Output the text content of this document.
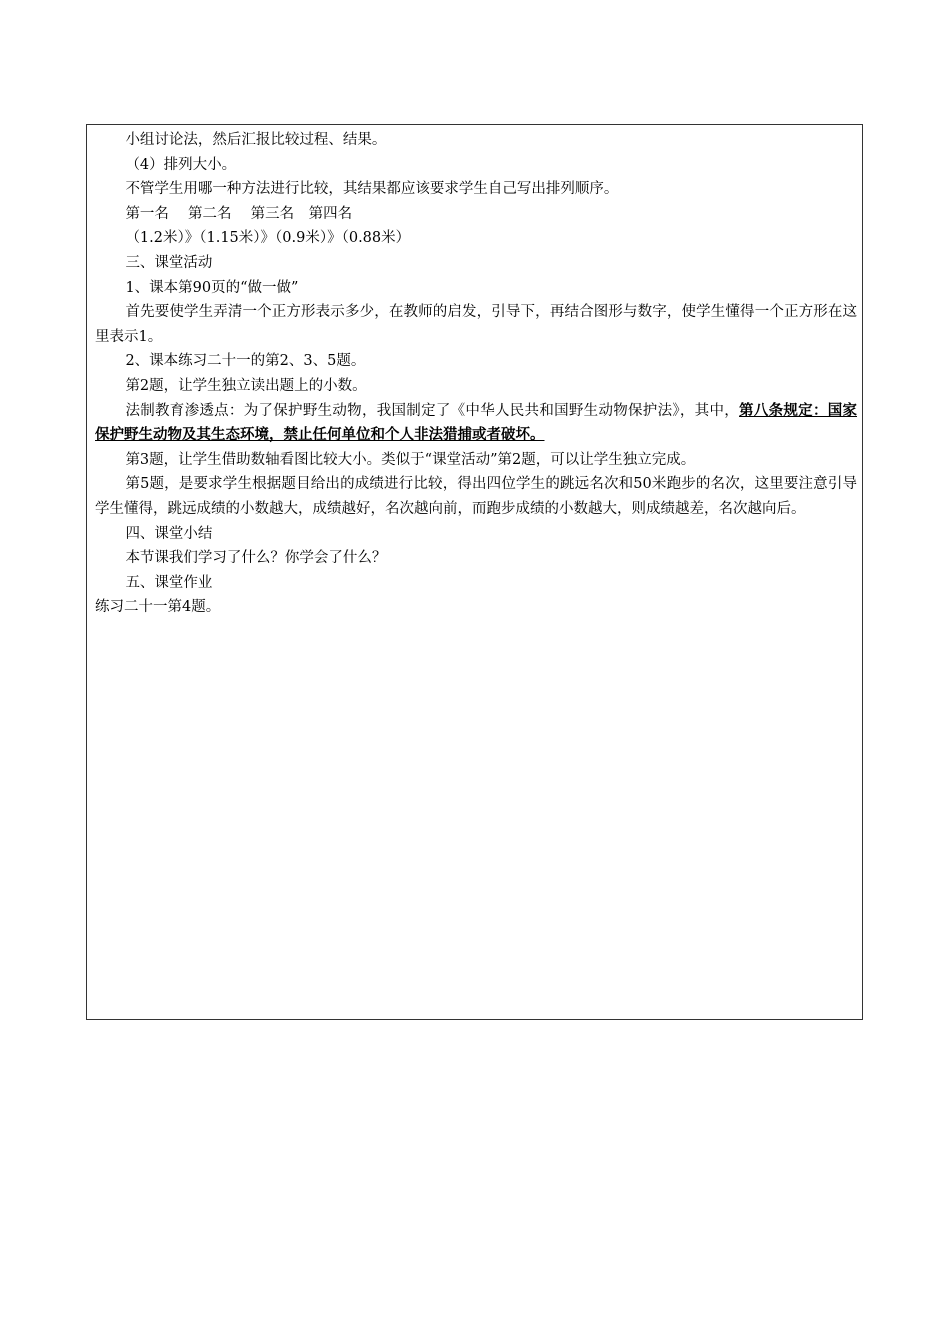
小组讨论法，然后汇报比较过程、结果。

（4）排列大小。

不管学生用哪一种方法进行比较，其结果都应该要求学生自己写出排列顺序。

第一名　 第二名　 第三名　第四名

（1.2米）》（1.15米）》（0.9米）》（0.88米）

三、课堂活动

1、课本第90页的“做一做”

首先要使学生弄清一个正方形表示多少，在教师的启发，引导下，再结合图形与数字，使学生懂得一个正方形在这里表示1。

2、课本练习二十一的第2、3、5题。

第2题，让学生独立读出题上的小数。

法制教育渗透点：为了保护野生动物，我国制定了《中华人民共和国野生动物保护法》，其中，第八条规定：国家保护野生动物及其生态环境，禁止任何单位和个人非法猎捕或者破坏。

第3题，让学生借助数轴看图比较大小。类似于“课堂活动”第2题，可以让学生独立完成。

第5题，是要求学生根据题目给出的成绩进行比较，得出四位学生的跳远名次和50米跑步的名次，这里要注意引导学生懂得，跳远成绩的小数越大，成绩越好，名次越向前，而跑步成绩的小数越大，则成绩越差，名次越向后。

四、课堂小结

本节课我们学习了什么？你学会了什么？

五、课堂作业

练习二十一第4题。
